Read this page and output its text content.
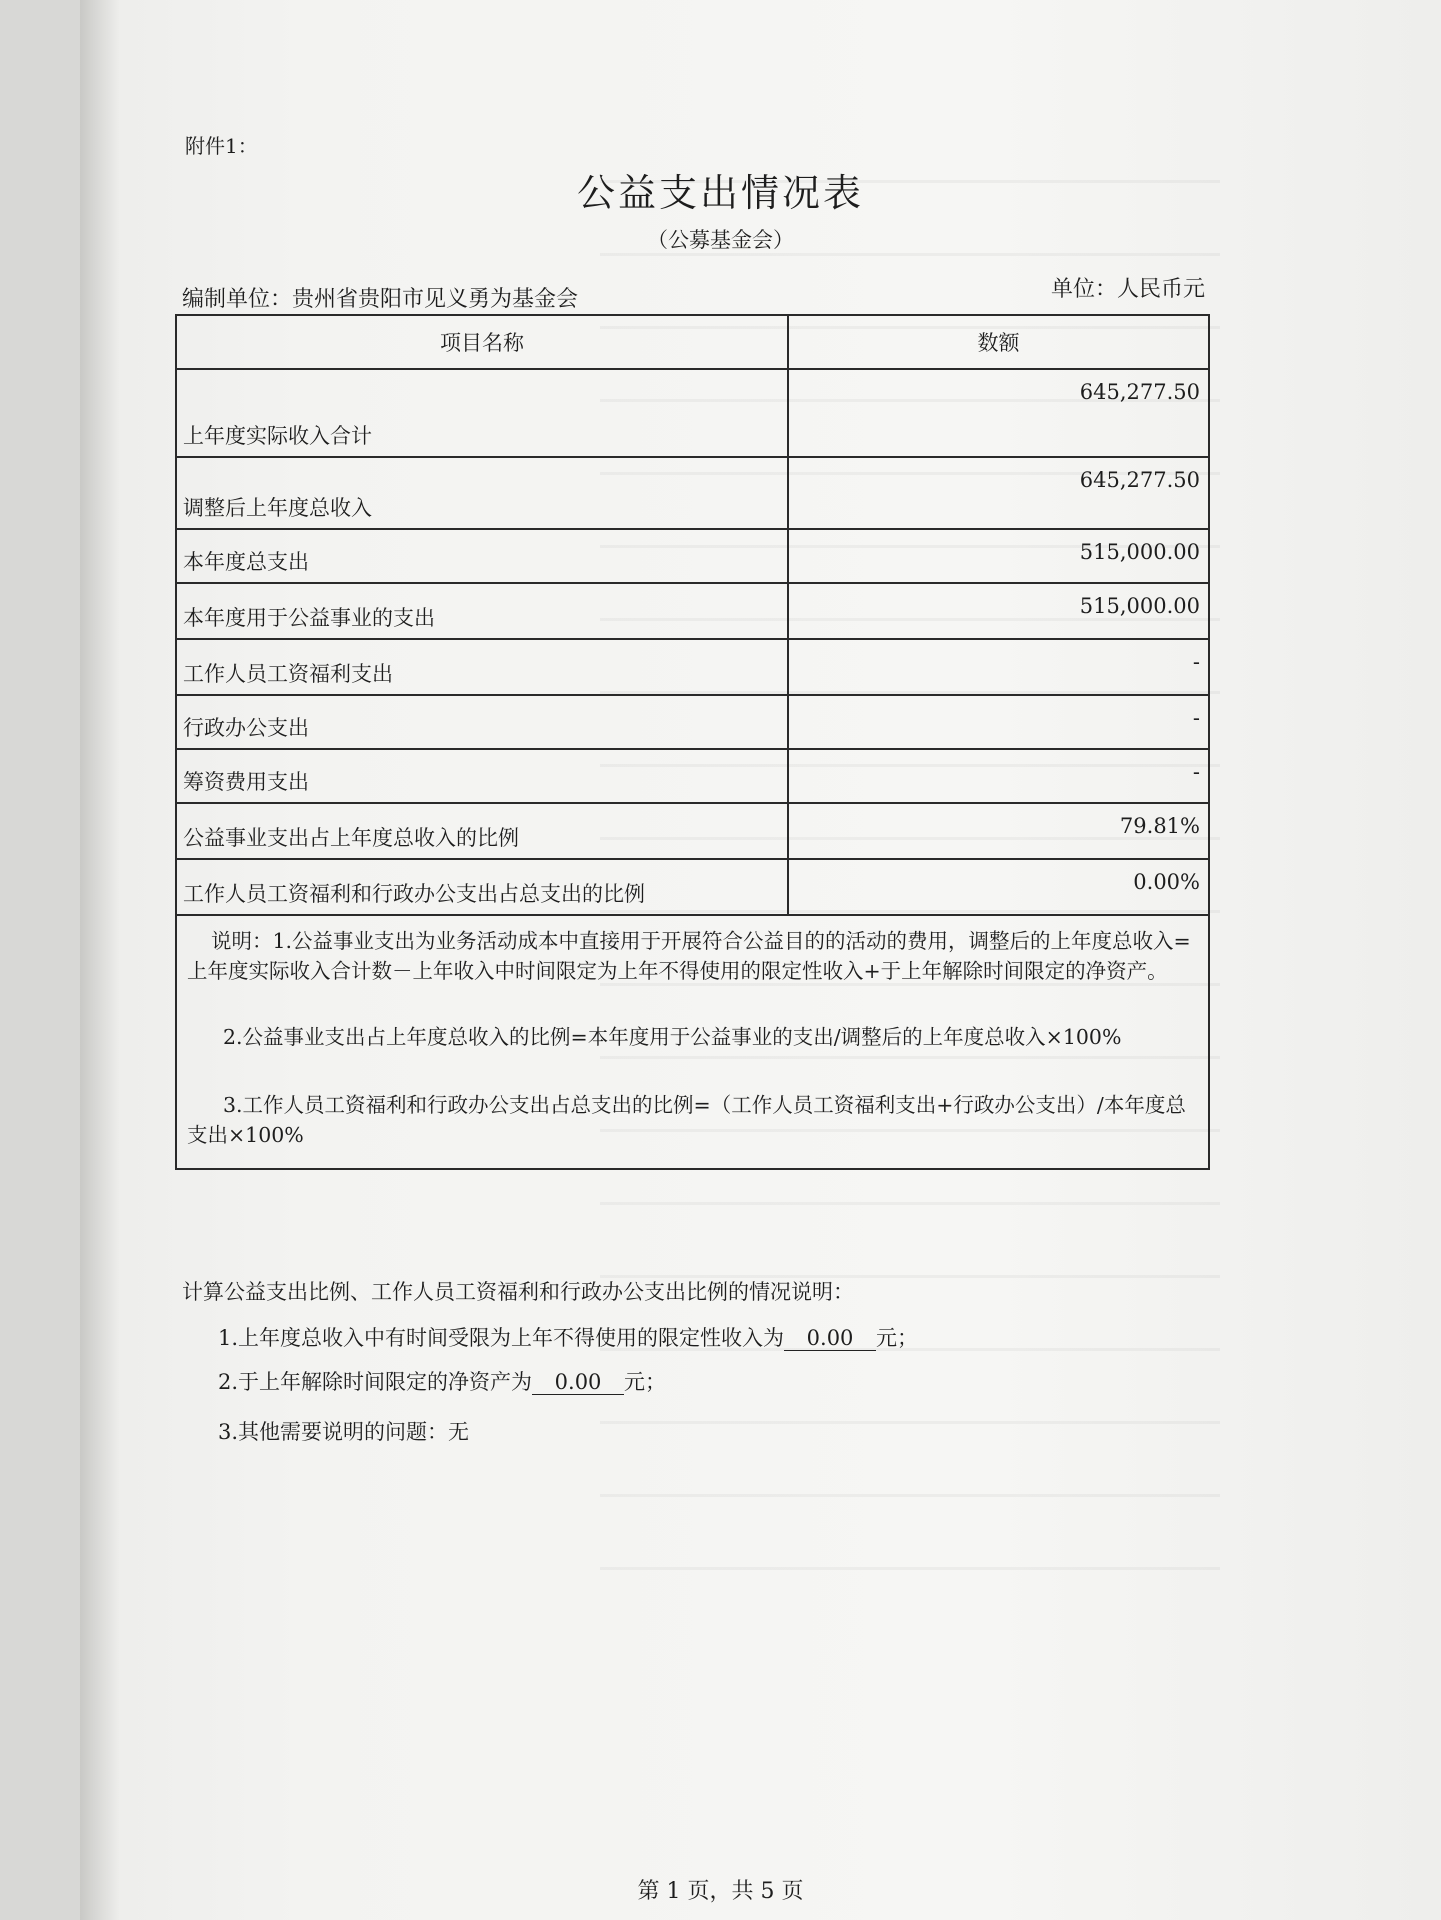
附件1：
公益支出情况表
（公募基金会）
编制单位：贵州省贵阳市见义勇为基金会	单位：人民币元
项目名称	数额
上年度实际收入合计	645,277.50
调整后上年度总收入	645,277.50
本年度总支出	515,000.00
本年度用于公益事业的支出	515,000.00
工作人员工资福利支出	-
行政办公支出	-
筹资费用支出	-
公益事业支出占上年度总收入的比例	79.81%
工作人员工资福利和行政办公支出占总支出的比例	0.00%

说明：1.公益事业支出为业务活动成本中直接用于开展符合公益目的的活动的费用，调整后的上年度总收入=上年度实际收入合计数－上年收入中时间限定为上年不得使用的限定性收入+于上年解除时间限定的净资产。

2.公益事业支出占上年度总收入的比例=本年度用于公益事业的支出/调整后的上年度总收入×100%

3.工作人员工资福利和行政办公支出占总支出的比例=（工作人员工资福利支出+行政办公支出）/本年度总支出×100%	

计算公益支出比例、工作人员工资福利和行政办公支出比例的情况说明：
1.上年度总收入中有时间受限为上年不得使用的限定性收入为 0.00 元；
2.于上年解除时间限定的净资产为 0.00 元；
3.其他需要说明的问题：无
第 1 页，共 5 页
